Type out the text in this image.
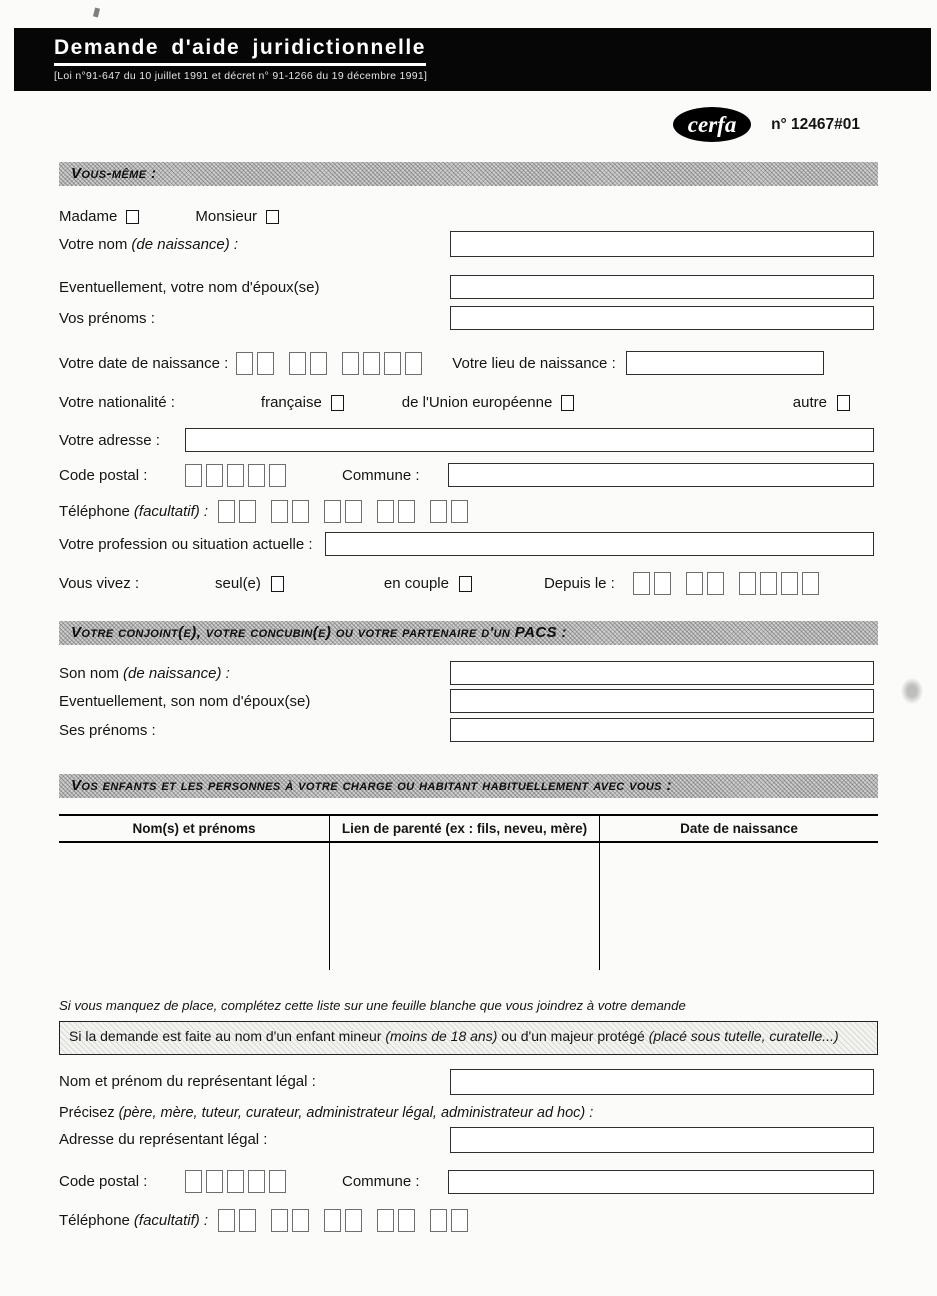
Demande d'aide juridictionnelle
[Loi n°91-647 du 10 juillet 1991 et décret n° 91-1266 du 19 décembre 1991]
cerfa n° 12467#01
Vous-même :
Madame	Monsieur
Votre nom (de naissance) :
Eventuellement, votre nom d'époux(se)
Vos prénoms :
Votre date de naissance :	Votre lieu de naissance :
Votre nationalité :	française	de l'Union européenne	autre
Votre adresse :
Code postal :	Commune :
Téléphone (facultatif) :
Votre profession ou situation actuelle :
Vous vivez :	seul(e)	en couple	Depuis le :
Votre conjoint(e), votre concubin(e) ou votre partenaire d'un PACS :
Son nom (de naissance) :
Eventuellement, son nom d'époux(se)
Ses prénoms :
Vos enfants et les personnes à votre charge ou habitant habituellement avec vous :
Nom(s) et prénoms	Lien de parenté (ex : fils, neveu, mère)	Date de naissance
Si vous manquez de place, complétez cette liste sur une feuille blanche que vous joindrez à votre demande
Si la demande est faite au nom d'un enfant mineur (moins de 18 ans) ou d'un majeur protégé (placé sous tutelle, curatelle...)
Nom et prénom du représentant légal :
Précisez (père, mère, tuteur, curateur, administrateur légal, administrateur ad hoc) :
Adresse du représentant légal :
Code postal :	Commune :
Téléphone (facultatif) :
